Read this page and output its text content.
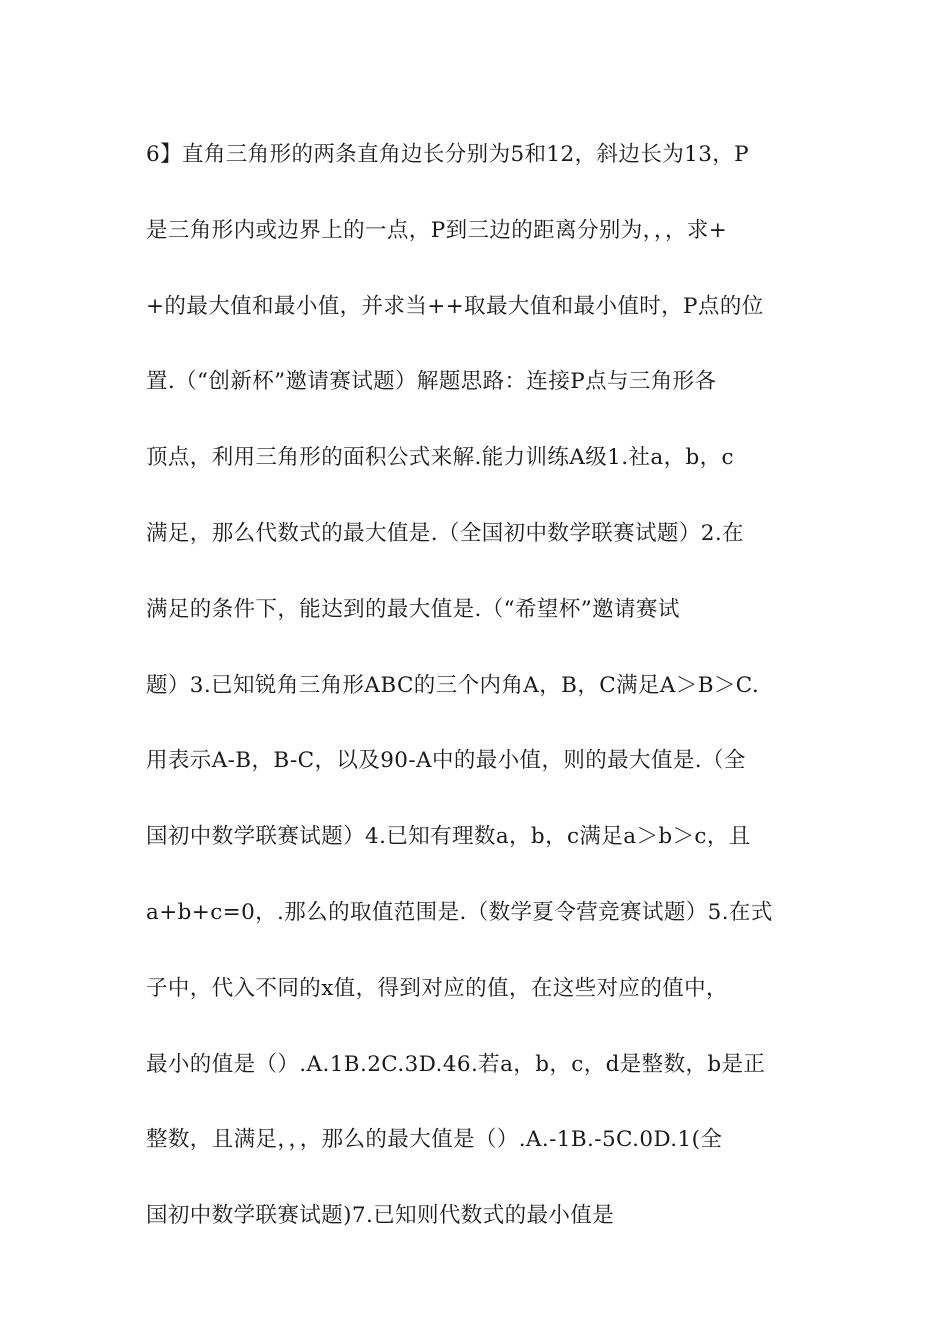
6】直角三角形的两条直角边长分别为5和12，斜边长为13，P
是三角形内或边界上的一点，P到三边的距离分别为，，，求+
+的最大值和最小值，并求当++取最大值和最小值时，P点的位
置.（“创新杯”邀请赛试题）解题思路：连接P点与三角形各
顶点，利用三角形的面积公式来解.能力训练A级1.社a，b，c
满足，那么代数式的最大值是.（全国初中数学联赛试题）2.在
满足的条件下，能达到的最大值是.（“希望杯”邀请赛试
题）3.已知锐角三角形ABC的三个内角A，B，C满足A＞B＞C.
用表示A-B，B-C，以及90-A中的最小值，则的最大值是.（全
国初中数学联赛试题）4.已知有理数a，b，c满足a＞b＞c，且
a+b+c=0，.那么的取值范围是.（数学夏令营竞赛试题）5.在式
子中，代入不同的x值，得到对应的值，在这些对应的值中，
最小的值是（）.A.1B.2C.3D.46.若a，b，c，d是整数，b是正
整数，且满足，，，那么的最大值是（）.A.-1B.-5C.0D.1(全
国初中数学联赛试题)7.已知则代数式的最小值是
